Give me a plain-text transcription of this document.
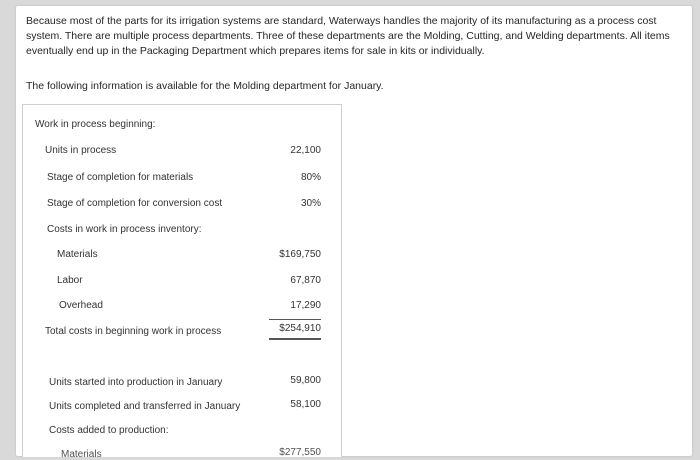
Because most of the parts for its irrigation systems are standard, Waterways handles the majority of its manufacturing as a process cost system. There are multiple process departments. Three of these departments are the Molding, Cutting, and Welding departments. All items eventually end up in the Packaging Department which prepares items for sale in kits or individually.
The following information is available for the Molding department for January.
Work in process beginning:
Units in process	22,100
Stage of completion for materials	80%
Stage of completion for conversion cost	30%
Costs in work in process inventory:
Materials	$169,750
Labor	67,870
Overhead	17,290
Total costs in beginning work in process	$254,910
Units started into production in January	59,800
Units completed and transferred in January	58,100
Costs added to production:
Materials	$277,550
